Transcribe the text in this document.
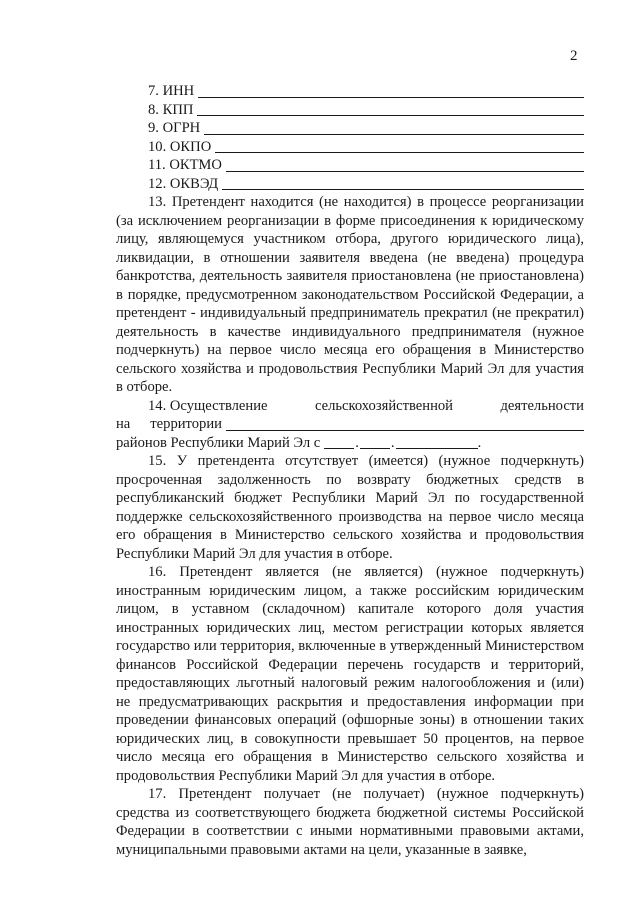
2
7. ИНН
8. КПП
9. ОГРН
10. ОКПО
11. ОКТМО
12. ОКВЭД

13. Претендент находится (не находится) в процессе реорганизации (за исключением реорганизации в форме присоединения к юридическому лицу, являющемуся участником отбора, другого юридического лица), ликвидации, в отношении заявителя введена (не введена) процедура банкротства, деятельность заявителя приостановлена (не приостановлена) в порядке, предусмотренном законодательством Российской Федерации, а претендент - индивидуальный предприниматель прекратил (не прекратил) деятельность в качестве индивидуального предпринимателя (нужное подчеркнуть) на первое число месяца его обращения в Министерство сельского хозяйства и продовольствия Республики Марий Эл для участия в отборе.

14. Осуществление	сельскохозяйственной	деятельности
на территории
районов Республики Марий Эл с . .	.

15. У претендента отсутствует (имеется) (нужное подчеркнуть) просроченная задолженность по возврату бюджетных средств в республиканский бюджет Республики Марий Эл по государственной поддержке сельскохозяйственного производства на первое число месяца его обращения в Министерство сельского хозяйства и продовольствия Республики Марий Эл для участия в отборе.

16. Претендент является (не является) (нужное подчеркнуть) иностранным юридическим лицом, а также российским юридическим лицом, в уставном (складочном) капитале которого доля участия иностранных юридических лиц, местом регистрации которых является государство или территория, включенные в утвержденный Министерством финансов Российской Федерации перечень государств и территорий, предоставляющих льготный налоговый режим налогообложения и (или) не предусматривающих раскрытия и предоставления информации при проведении финансовых операций (офшорные зоны) в отношении таких юридических лиц, в совокупности превышает 50 процентов, на первое число месяца его обращения в Министерство сельского хозяйства и продовольствия Республики Марий Эл для участия в отборе.

17. Претендент получает (не получает) (нужное подчеркнуть) средства из соответствующего бюджета бюджетной системы Российской Федерации в соответствии с иными нормативными правовыми актами, муниципальными правовыми актами на цели, указанные в заявке,
